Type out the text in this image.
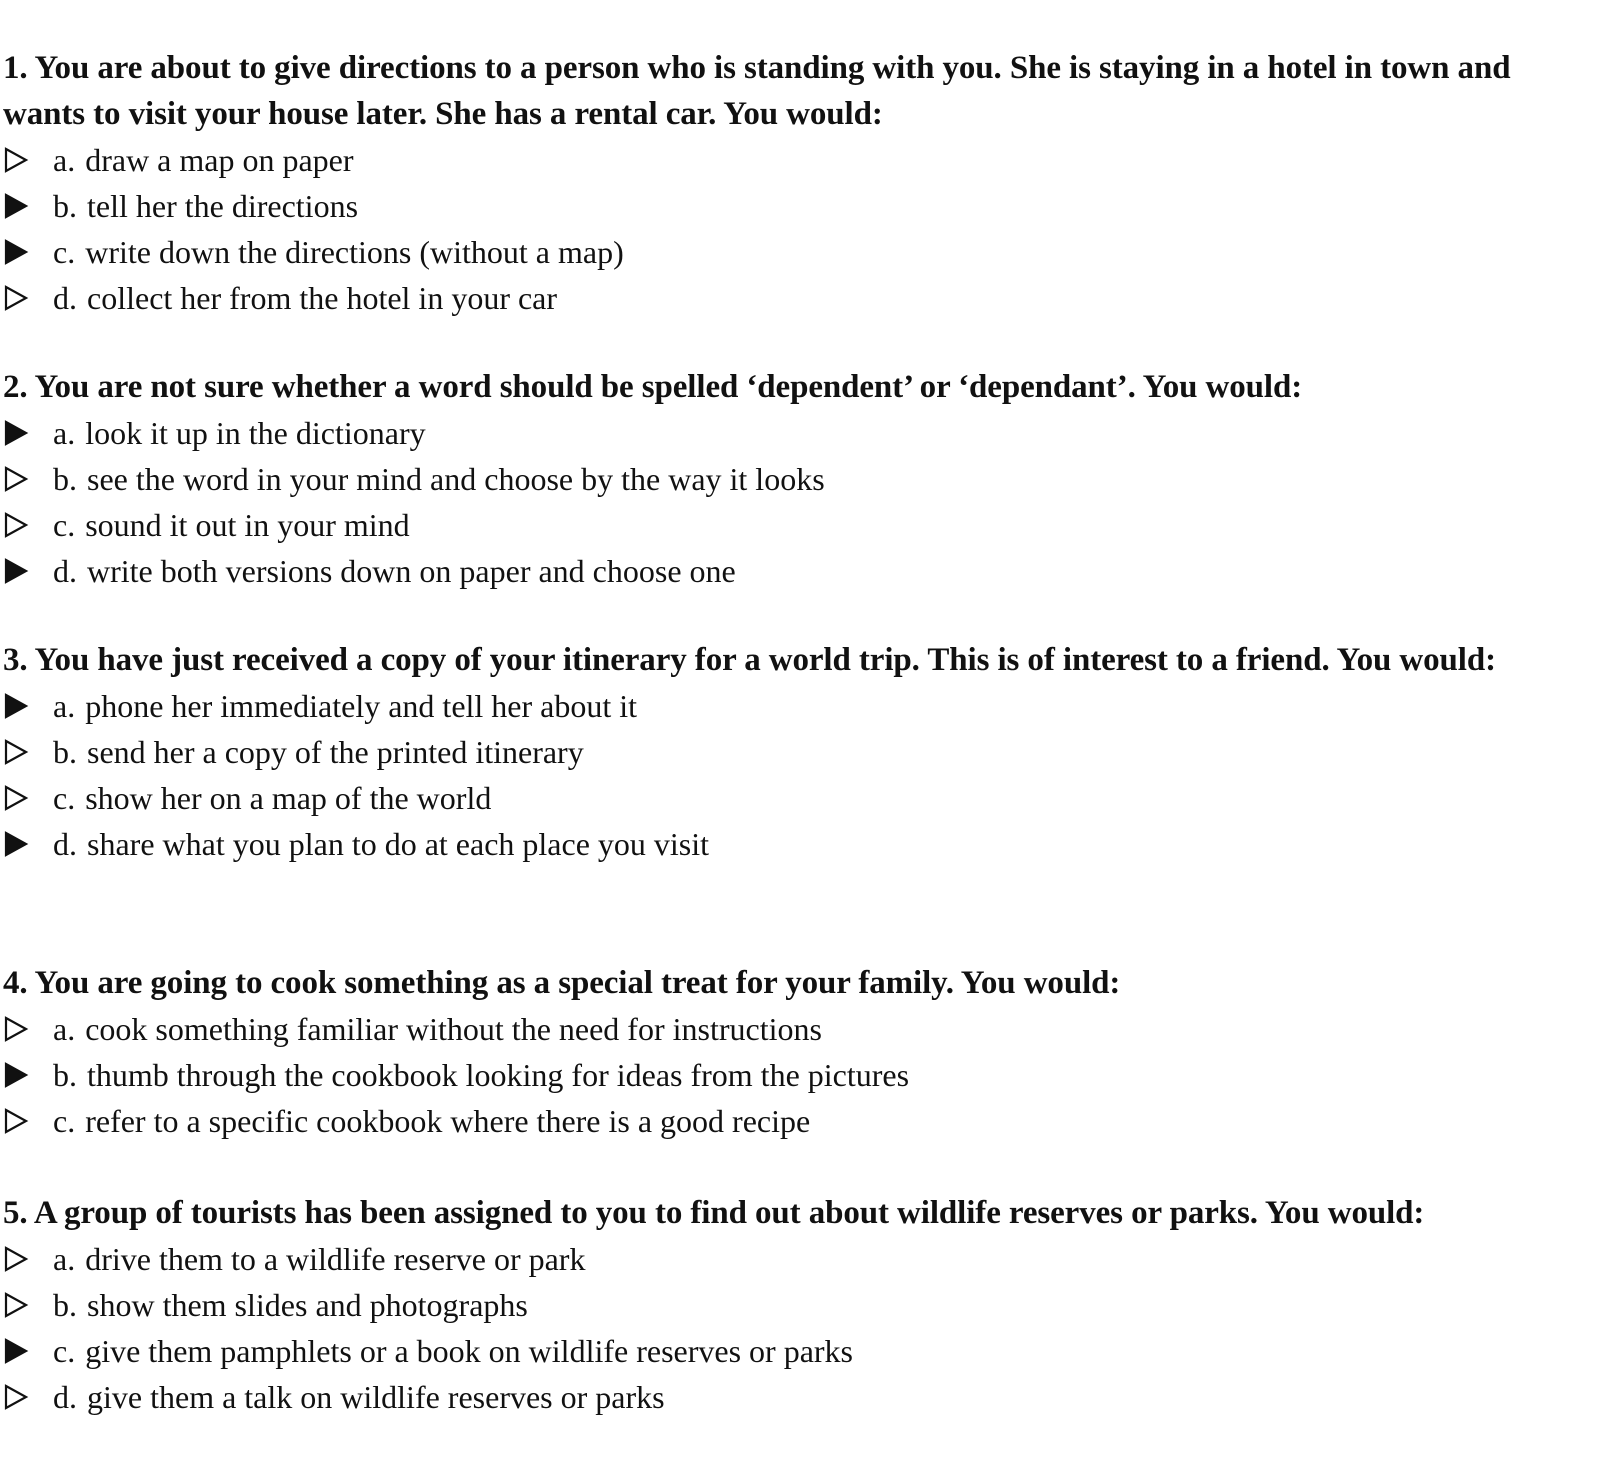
1. You are about to give directions to a person who is standing with you. She is staying in a hotel in town and wants to visit your house later. She has a rental car. You would:

a. draw a map on paper
b. tell her the directions
c. write down the directions (without a map)
d. collect her from the hotel in your car

2. You are not sure whether a word should be spelled ‘dependent’ or ‘dependant’. You would:

a. look it up in the dictionary
b. see the word in your mind and choose by the way it looks
c. sound it out in your mind
d. write both versions down on paper and choose one

3. You have just received a copy of your itinerary for a world trip. This is of interest to a friend. You would:

a. phone her immediately and tell her about it
b. send her a copy of the printed itinerary
c. show her on a map of the world
d. share what you plan to do at each place you visit

4. You are going to cook something as a special treat for your family. You would:

a. cook something familiar without the need for instructions
b. thumb through the cookbook looking for ideas from the pictures
c. refer to a specific cookbook where there is a good recipe

5. A group of tourists has been assigned to you to find out about wildlife reserves or parks. You would:

a. drive them to a wildlife reserve or park
b. show them slides and photographs
c. give them pamphlets or a book on wildlife reserves or parks
d. give them a talk on wildlife reserves or parks
